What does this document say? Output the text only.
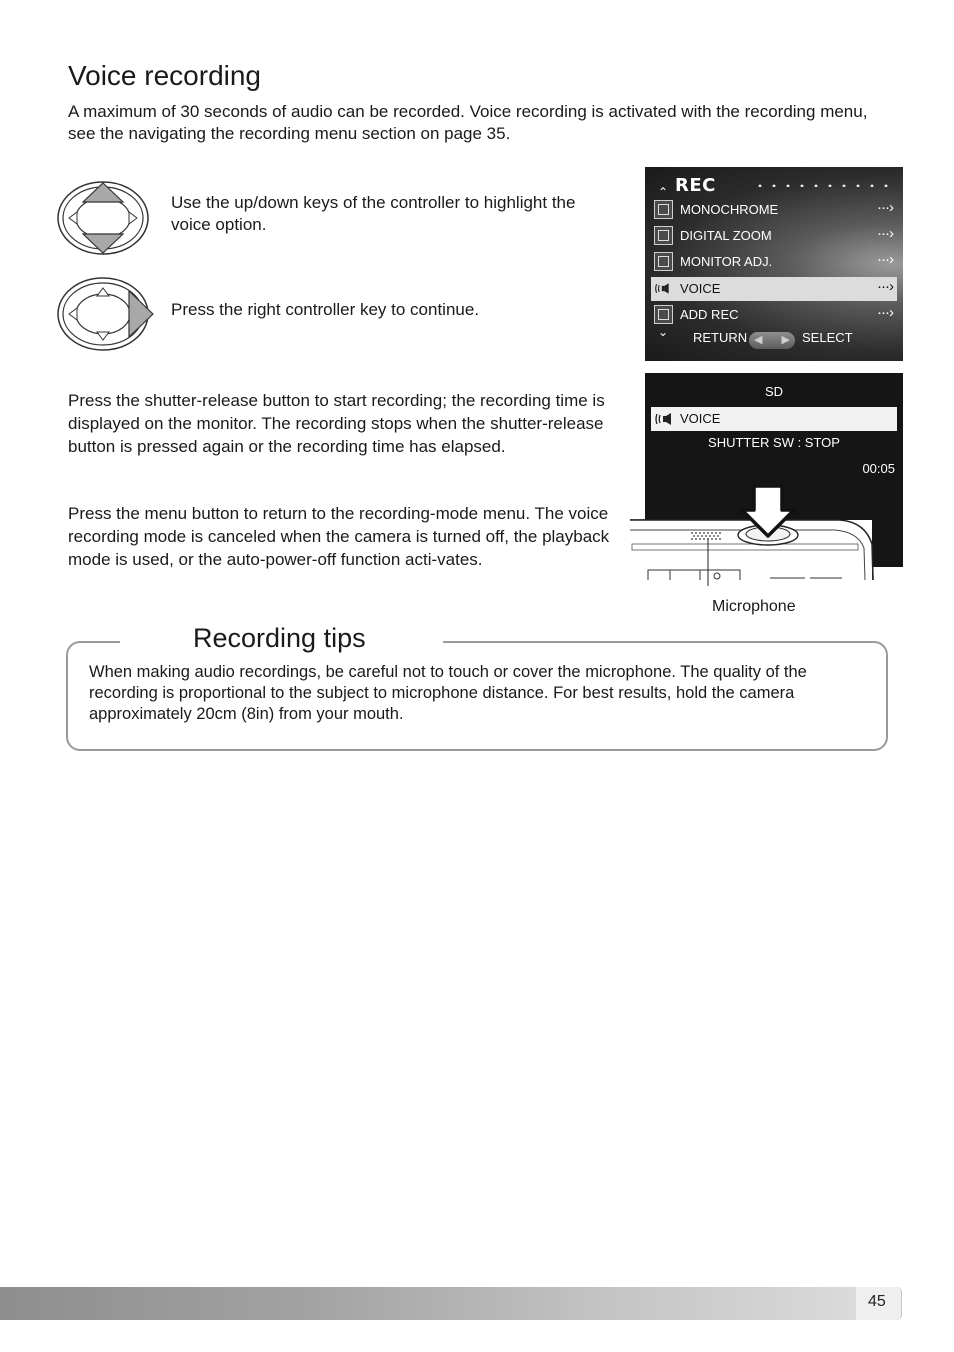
Voice recording

A maximum of 30 seconds of audio can be recorded. Voice recording is activated with the recording menu, see the navigating the recording menu section on page 35.

Use the up/down keys of the controller to highlight the voice option.

Press the right controller key to continue.

⌃ REC
MONOCHROME	···›
DIGITAL ZOOM	···›
MONITOR ADJ.	···›
VOICE	···›
ADD REC	···›
⌄ RETURN ◀ ▶ SELECT

Press the shutter-release button to start recording; the recording time is displayed on the monitor. The recording stops when the shutter-release button is pressed again or the recording time has elapsed.

Press the menu button to return to the recording-mode menu. The voice recording mode is canceled when the camera is turned off, the playback mode is used, or the auto-power-off function acti-vates.

SD
VOICE
SHUTTER SW : STOP
00:05
Microphone
Recording tips

When making audio recordings, be careful not to touch or cover the microphone. The quality of the recording is proportional to the subject to microphone distance. For best results, hold the camera approximately 20cm (8in) from your mouth.

45
